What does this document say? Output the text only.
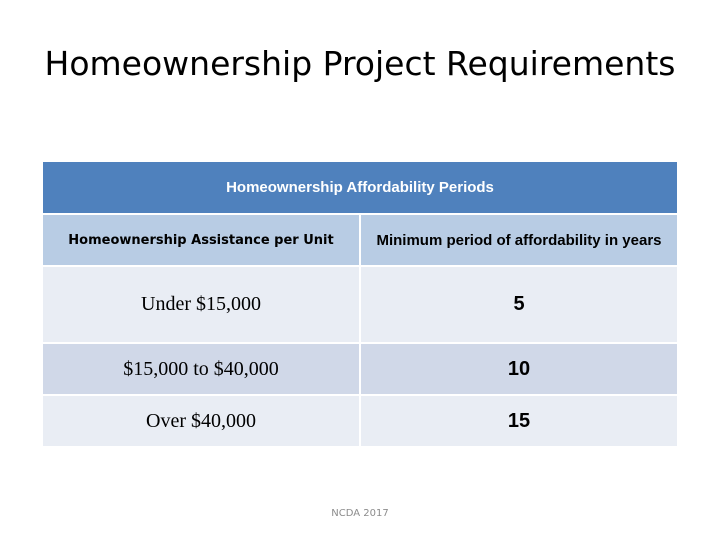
Homeownership Project Requirements
Homeownership Affordability Periods	
Homeownership Assistance per Unit	Minimum period of affordability in years
Under $15,000	5
$15,000 to $40,000	10
Over $40,000	15
NCDA 2017
